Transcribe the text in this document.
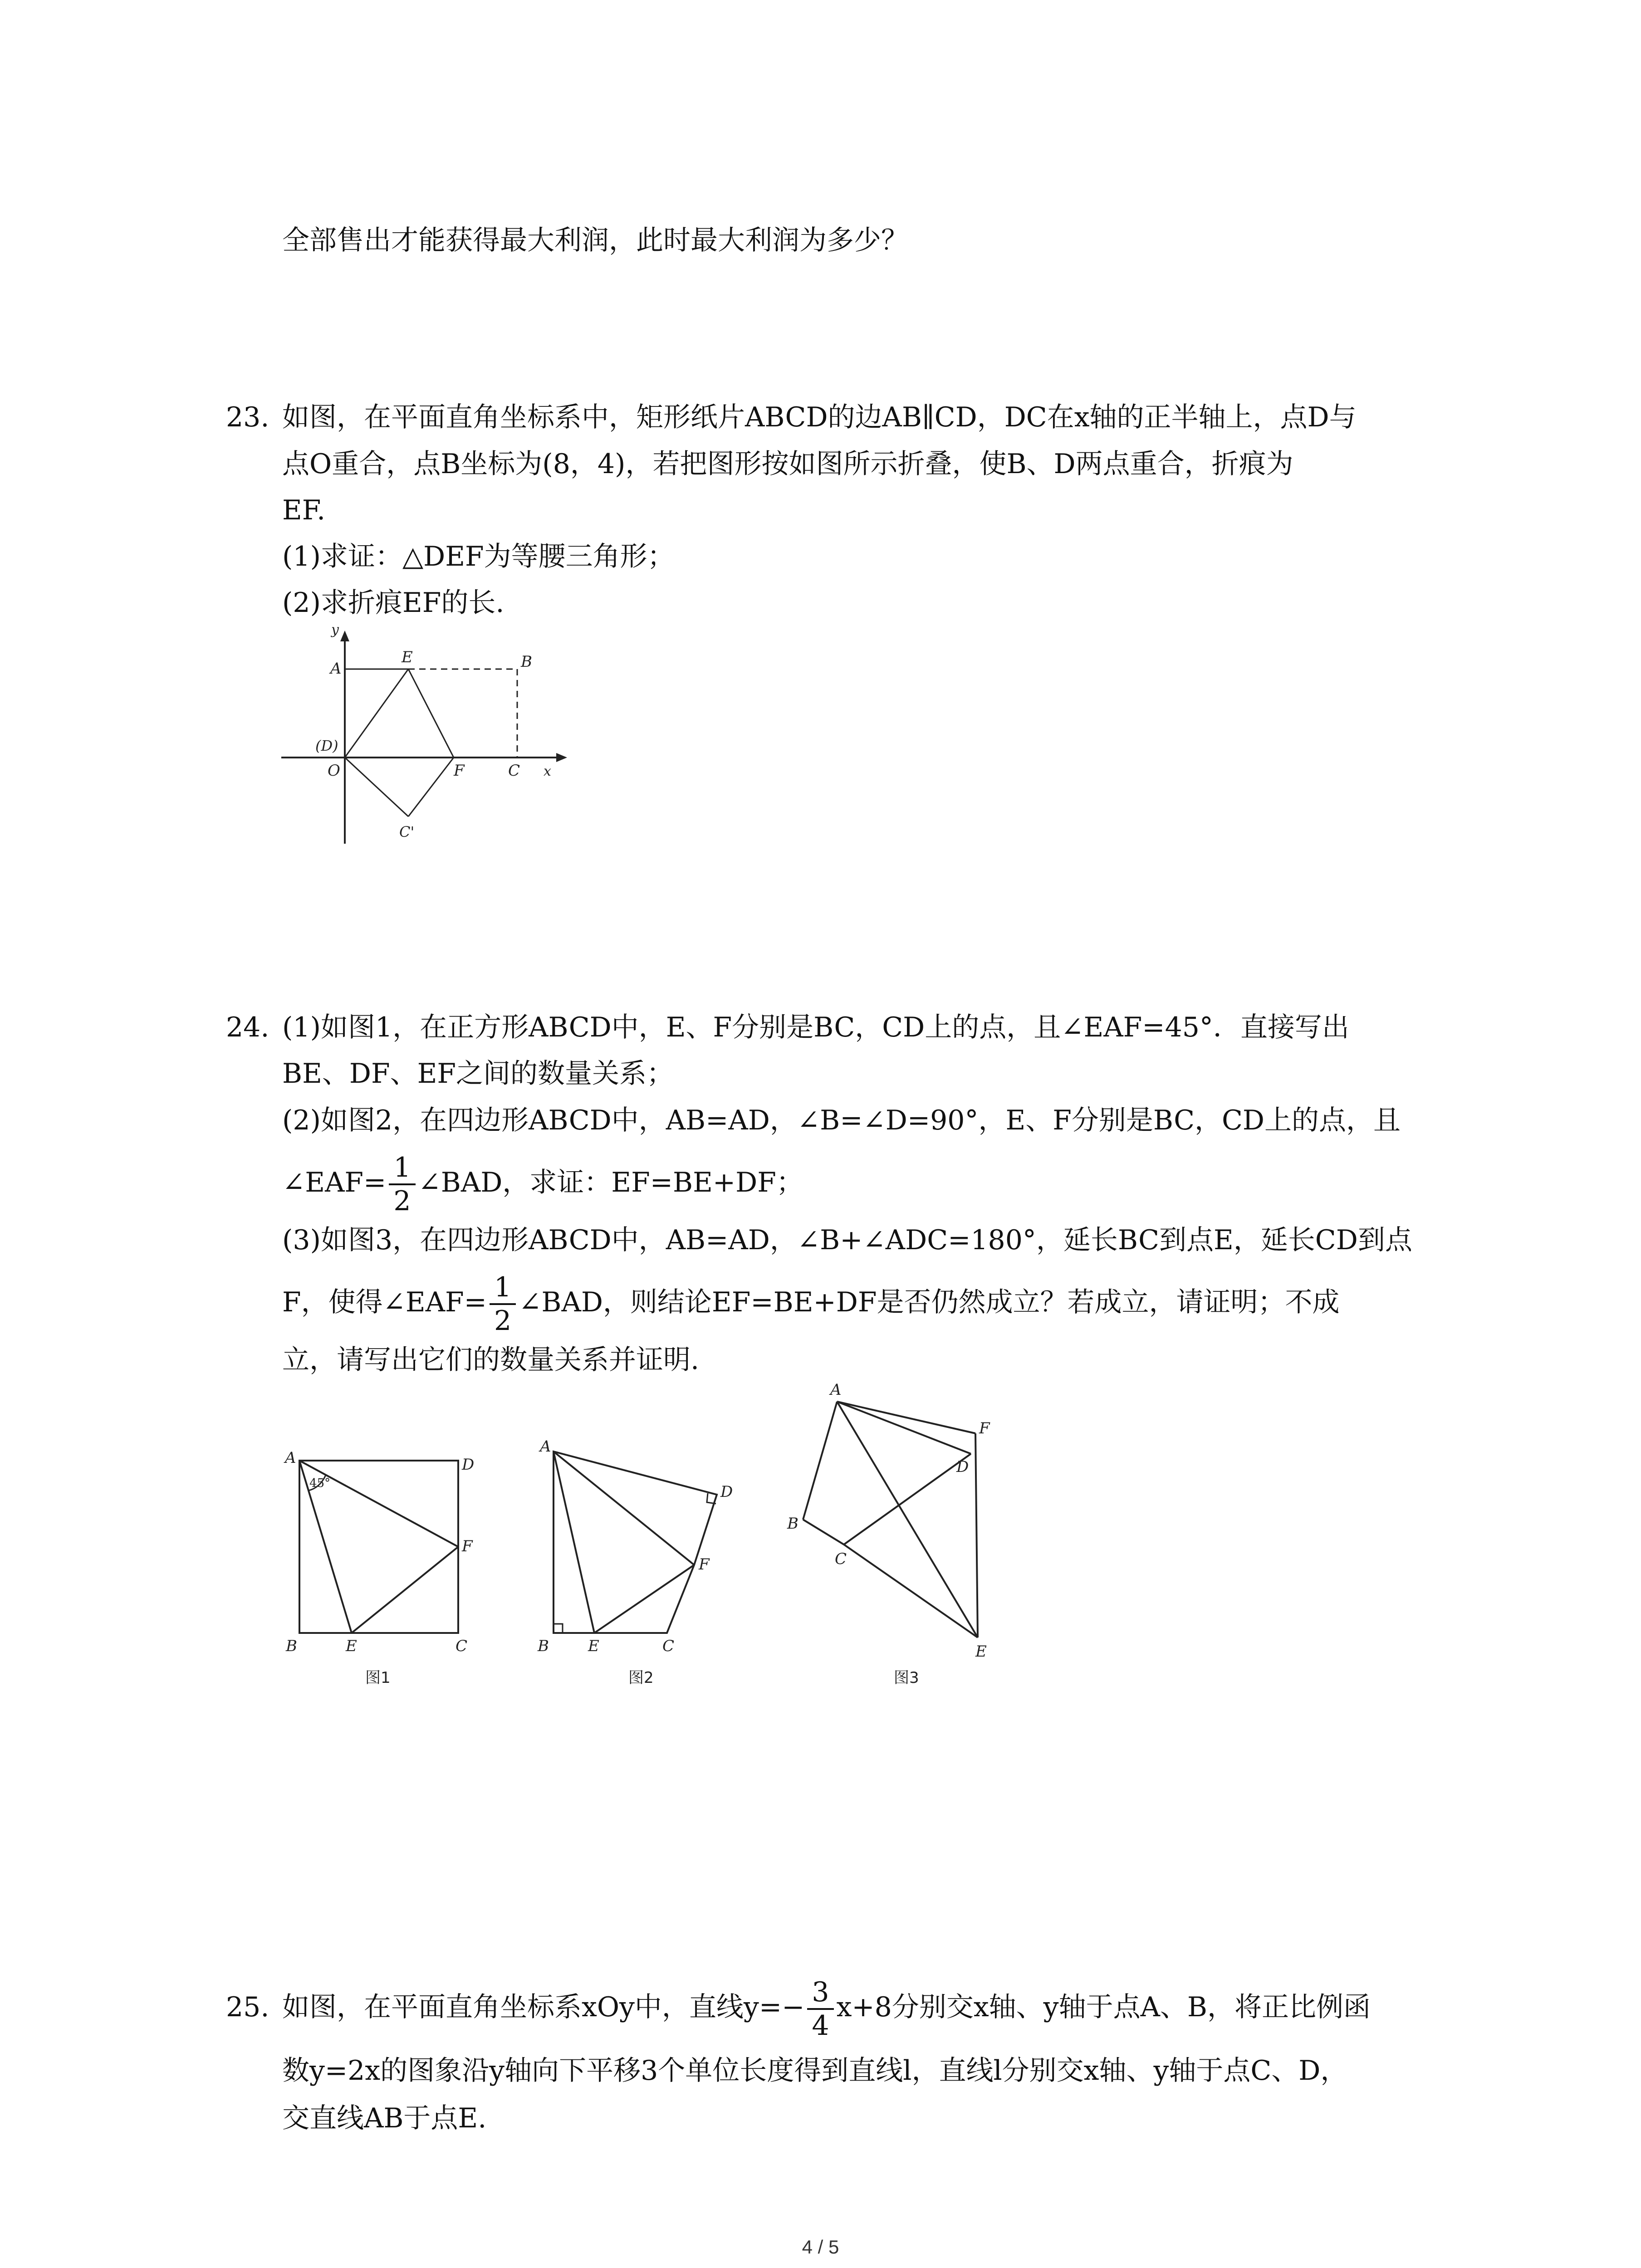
全部售出才能获得最大利润，此时最大利润为多少？
23. 如图，在平面直角坐标系中，矩形纸片ABCD的边AB∥CD，DC在x轴的正半轴上，点D与
点O重合，点B坐标为(8，4)，若把图形按如图所示折叠，使B、D两点重合，折痕为
EF.
(1)求证：△DEF为等腰三角形；
(2)求折痕EF的长.
y
A
E	B
(D)
O	F	C x
C'
24. (1)如图1，在正方形ABCD中，E、F分别是BC，CD上的点，且∠EAF=45°．直接写出
BE、DF、EF之间的数量关系；
(2)如图2，在四边形ABCD中，AB=AD，∠B=∠D=90°，E、F分别是BC，CD上的点，且
∠EAF= $\frac{1}{2}$ ∠BAD，求证：EF=BE+DF；
(3)如图3，在四边形ABCD中，AB=AD，∠B+∠ADC=180°，延长BC到点E，延长CD到点
F，使得∠EAF= $\frac{1}{2}$ ∠BAD，则结论EF=BE+DF是否仍然成立？若成立，请证明；不成
立，请写出它们的数量关系并证明.
A	D
45°
F
B	E	C
图1
A
D
F
B	E	C
图2
A
F
D
B
C
E
图3
25. 如图，在平面直角坐标系xOy中，直线$y=- \frac{3}{4} x+8$分别交x轴、y轴于点A、B，将正比例函
数y=2x的图象沿y轴向下平移3个单位长度得到直线l，直线l分别交x轴、y轴于点C、D，
交直线AB于点E.
4 / 5
